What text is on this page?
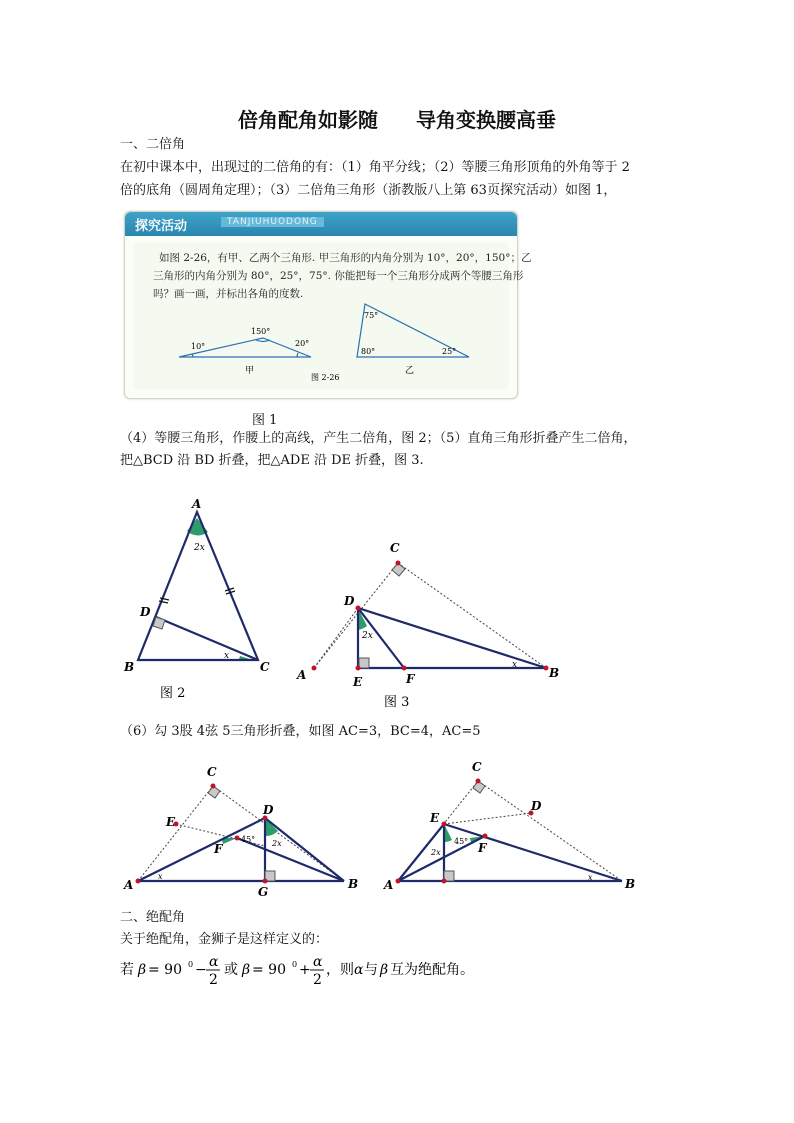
倍角配角如影随 导角变换腰高垂
一、二倍角
在初中课本中，出现过的二倍角的有：（1）角平分线；（2）等腰三角形顶角的外角等于 2
倍的底角（圆周角定理）；（3）二倍角三角形（浙教版八上第 63页探究活动）如图 1，
探究活动	TANJIUHUODONG
如图 2-26，有甲、乙两个三角形. 甲三角形的内角分别为 10°，20°，150°；乙
三角形的内角分别为 80°，25°，75°. 你能把每一个三角形分成两个等腰三角形
吗？画一画，并标出各角的度数.
10°
150°
20°
75°
80°	25°
甲	乙
图 2-26
图 1
（4）等腰三角形，作腰上的高线，产生二倍角，图 2；（5）直角三角形折叠产生二倍角，
把△BCD 沿 BD 折叠，把△ADE 沿 DE 折叠，图 3.
A
2x
D
B
x
C
图 2
C
D
2x
x
A	E	F	B
图 3
（6）勾 3股 4弦 5三角形折叠，如图 AC=3，BC=4，AC=5
C
E
D
45° 2x
F
x
A	G
B
C
E
D
45°
2x	F
x
A	B
二、绝配角
关于绝配角，金狮子是这样定义的：
若 β = 90 0 − α
2
或 β = 90 0 + α
2
，则 α 与 β 互为绝配角。
